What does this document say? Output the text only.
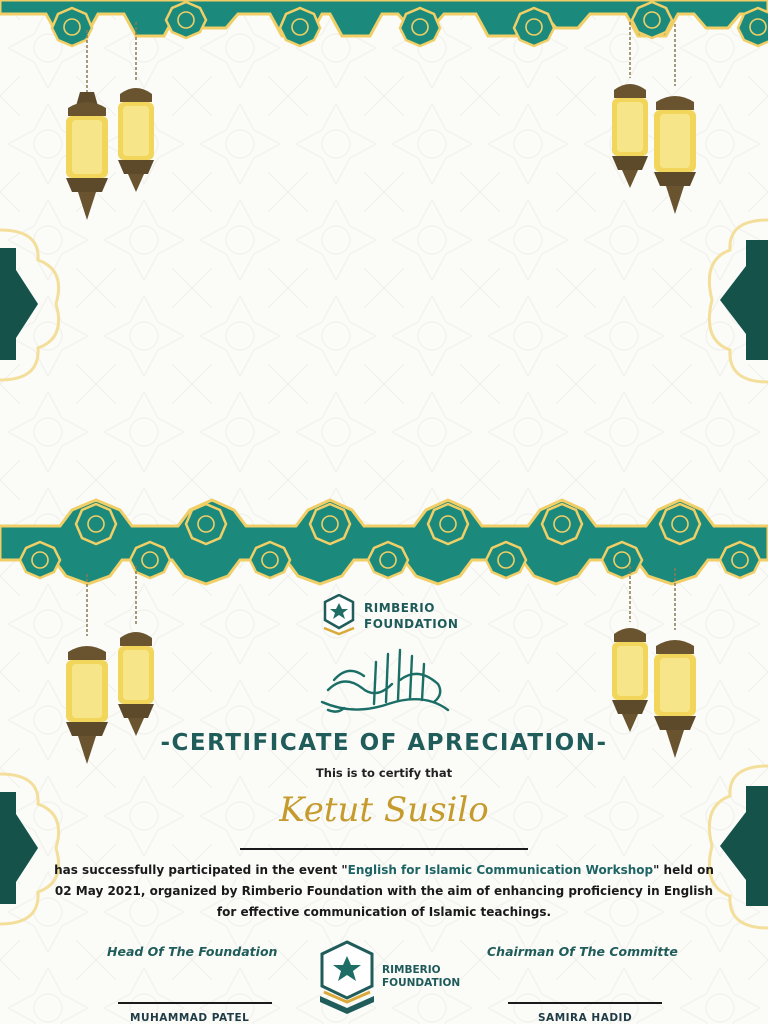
RIMBERIO
FOUNDATION
-CERTIFICATE OF APRECIATION-
This is to certify that
Ketut Susilo
has successfully participated in the event "English for Islamic Communication Workshop" held on 02 May 2021, organized by Rimberio Foundation with the aim of enhancing proficiency in English for effective communication of Islamic teachings.
Head Of The Foundation
MUHAMMAD PATEL
Chairman Of The Committe
SAMIRA HADID
RIMBERIO
FOUNDATION
